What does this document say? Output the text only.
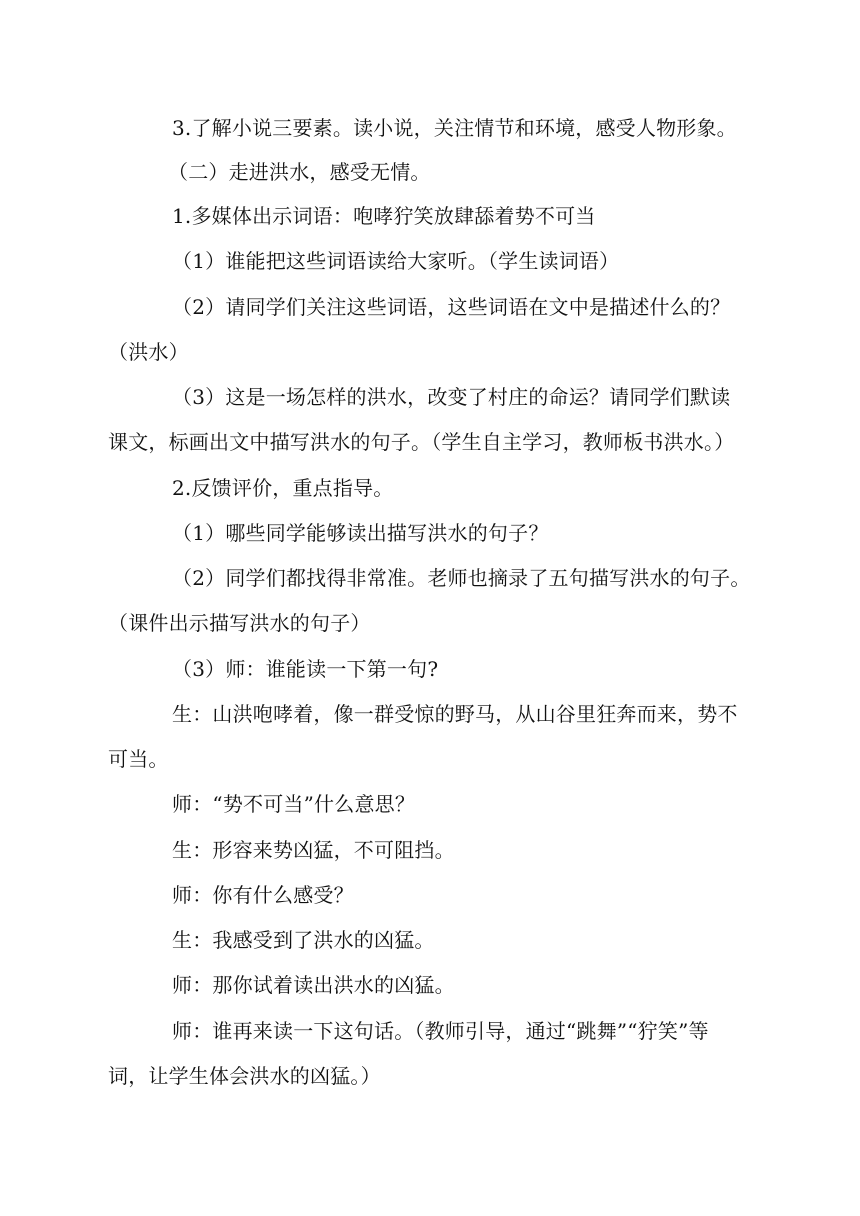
3.了解小说三要素。读小说，关注情节和环境，感受人物形象。
（二）走进洪水，感受无情。
1.多媒体出示词语：咆哮狞笑放肆舔着势不可当
（1）谁能把这些词语读给大家听。（学生读词语）
（2）请同学们关注这些词语，这些词语在文中是描述什么的？
（洪水）
（3）这是一场怎样的洪水，改变了村庄的命运？请同学们默读
课文，标画出文中描写洪水的句子。（学生自主学习，教师板书洪水。）
2.反馈评价，重点指导。
（1）哪些同学能够读出描写洪水的句子？
（2）同学们都找得非常准。老师也摘录了五句描写洪水的句子。
（课件出示描写洪水的句子）
（3）师：谁能读一下第一句?
生：山洪咆哮着，像一群受惊的野马，从山谷里狂奔而来，势不
可当。
师：“势不可当”什么意思？
生：形容来势凶猛，不可阻挡。
师：你有什么感受？
生：我感受到了洪水的凶猛。
师：那你试着读出洪水的凶猛。
师：谁再来读一下这句话。（教师引导，通过“跳舞”“狞笑”等
词，让学生体会洪水的凶猛。）
